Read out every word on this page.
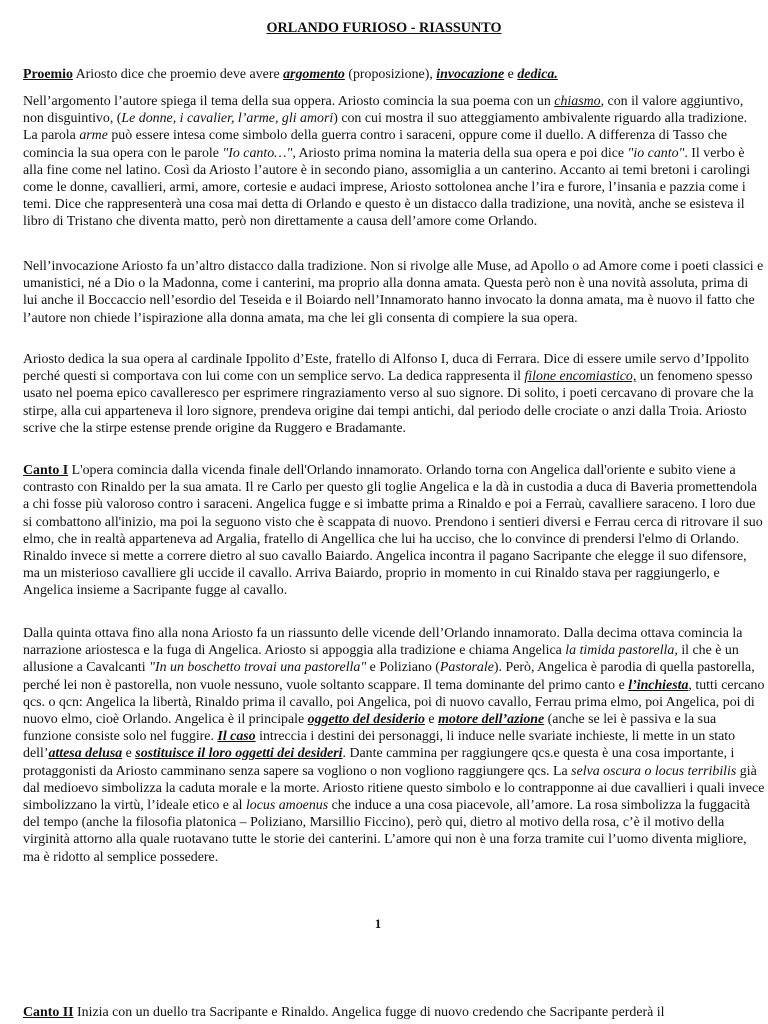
ORLANDO FURIOSO - RIASSUNTO

Proemio Ariosto dice che proemio deve avere argomento (proposizione), invocazione e dedica.

Nell’argomento l’autore spiega il tema della sua oppera. Ariosto comincia la sua poema con un chiasmo, con il valore aggiuntivo, non disguintivo, (Le donne, i cavalier, l’arme, gli amori) con cui mostra il suo atteggiamento ambivalente riguardo alla tradizione. La parola arme può essere intesa come simbolo della guerra contro i saraceni, oppure come il duello. A differenza di Tasso che comincia la sua opera con le parole "Io canto…", Ariosto prima nomina la materia della sua opera e poi dice "io canto". Il verbo è alla fine come nel latino. Così da Ariosto l’autore è in secondo piano, assomiglia a un canterino. Accanto ai temi bretoni i carolingi come le donne, cavallieri, armi, amore, cortesie e audaci imprese, Ariosto sottolonea anche l’ira e furore, l’insania e pazzia come i temi. Dice che rappresenterà una cosa mai detta di Orlando e questo è un distacco dalla tradizione, una novità, anche se esisteva il libro di Tristano che diventa matto, però non direttamente a causa dell’amore come Orlando.

Nell’invocazione Ariosto fa un’altro distacco dalla tradizione. Non si rivolge alle Muse, ad Apollo o ad Amore come i poeti classici e umanistici, né a Dio o la Madonna, come i canterini, ma proprio alla donna amata. Questa però non è una novità assoluta, prima di lui anche il Boccaccio nell’esordio del Teseida e il Boiardo nell’Innamorato hanno invocato la donna amata, ma è nuovo il fatto che l’autore non chiede l’ispirazione alla donna amata, ma che lei gli consenta di compiere la sua opera.

Ariosto dedica la sua opera al cardinale Ippolito d’Este, fratello di Alfonso I, duca di Ferrara. Dice di essere umile servo d’Ippolito perché questi si comportava con lui come con un semplice servo. La dedica rappresenta il filone encomiastico, un fenomeno spesso usato nel poema epico cavalleresco per esprimere ringraziamento verso al suo signore. Di solito, i poeti cercavano di provare che la stirpe, alla cui apparteneva il loro signore, prendeva origine dai tempi antichi, dal periodo delle crociate o anzi dalla Troia. Ariosto scrive che la stirpe estense prende origine da Ruggero e Bradamante.

Canto I L'opera comincia dalla vicenda finale dell'Orlando innamorato. Orlando torna con Angelica dall'oriente e subito viene a contrasto con Rinaldo per la sua amata. Il re Carlo per questo gli toglie Angelica e la dà in custodia a duca di Baveria promettendola a chi fosse più valoroso contro i saraceni. Angelica fugge e si imbatte prima a Rinaldo e poi a Ferraù, cavalliere saraceno. I loro due si combattono all'inizio, ma poi la seguono visto che è scappata di nuovo. Prendono i sentieri diversi e Ferrau cerca di ritrovare il suo elmo, che in realtà apparteneva ad Argalia, fratello di Angellica che lui ha ucciso, che lo convince di prendersi l'elmo di Orlando. Rinaldo invece si mette a correre dietro al suo cavallo Baiardo. Angelica incontra il pagano Sacripante che elegge il suo difensore, ma un misterioso cavalliere gli uccide il cavallo. Arriva Baiardo, proprio in momento in cui Rinaldo stava per raggiungerlo, e Angelica insieme a Sacripante fugge al cavallo.

Dalla quinta ottava fino alla nona Ariosto fa un riassunto delle vicende dell’Orlando innamorato. Dalla decima ottava comincia la narrazione ariostesca e la fuga di Angelica. Ariosto si appoggia alla tradizione e chiama Angelica la timida pastorella, il che è un allusione a Cavalcanti "In un boschetto trovai una pastorella" e Poliziano (Pastorale). Però, Angelica è parodia di quella pastorella, perché lei non è pastorella, non vuole nessuno, vuole soltanto scappare. Il tema dominante del primo canto e l’inchiesta, tutti cercano qcs. o qcn: Angelica la libertà, Rinaldo prima il cavallo, poi Angelica, poi di nuovo cavallo, Ferrau prima elmo, poi Angelica, poi di nuovo elmo, cioè Orlando. Angelica è il principale oggetto del desiderio e motore dell’azione (anche se lei è passiva e la sua funzione consiste solo nel fuggire. Il caso intreccia i destini dei personaggi, li induce nelle svariate inchieste, li mette in un stato dell’attesa delusa e sostituisce il loro oggetti dei desideri. Dante cammina per raggiungere qcs.e questa è una cosa importante, i protaggonisti da Ariosto camminano senza sapere sa vogliono o non vogliono raggiungere qcs. La selva oscura o locus terribilis già dal medioevo simbolizza la caduta morale e la morte. Ariosto ritiene questo simbolo e lo contrapponne ai due cavallieri i quali invece simbolizzano la virtù, l’ideale etico e al locus amoenus che induce a una cosa piacevole, all’amore. La rosa simbolizza la fuggacità del tempo (anche la filosofia platonica – Poliziano, Marsillio Ficcino), però qui, dietro al motivo della rosa, c’è il motivo della virginità attorno alla quale ruotavano tutte le storie dei canterini. L’amore qui non è una forza tramite cui l’uomo diventa migliore, ma è ridotto al semplice possedere.

1

Canto II Inizia con un duello tra Sacripante e Rinaldo. Angelica fugge di nuovo credendo che Sacripante perderà il
